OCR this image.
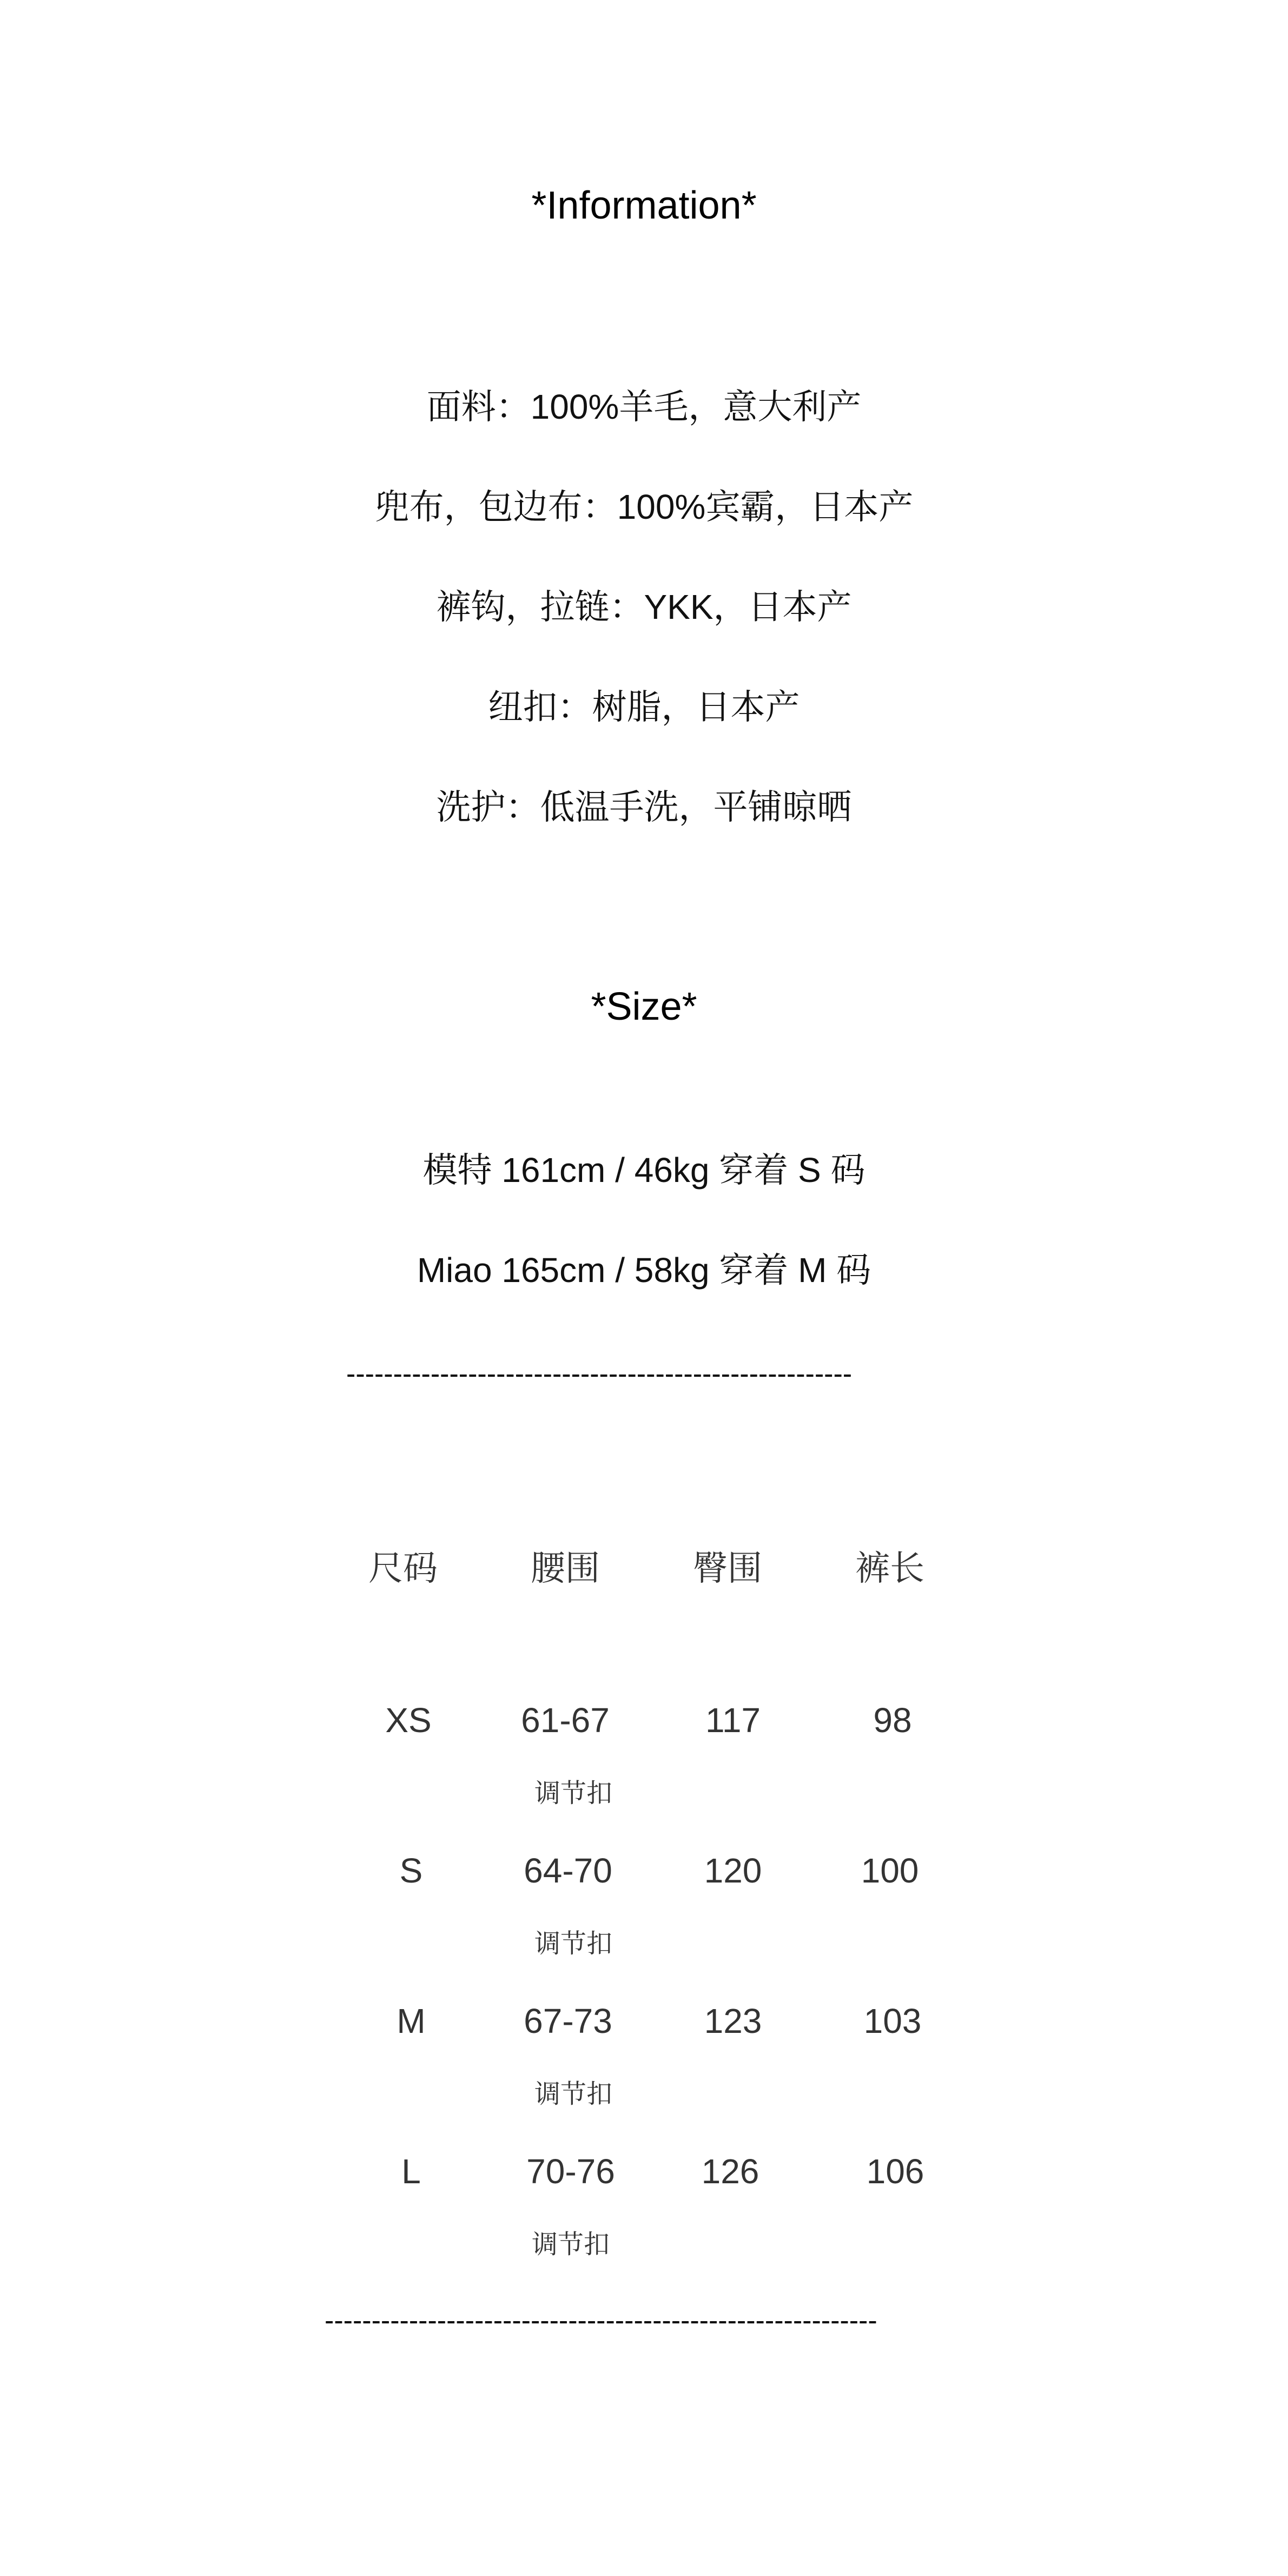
*Information*
面料：100%羊毛，意大利产
兜布，包边布：100%宾霸，日本产
裤钩，拉链：YKK，日本产
纽扣：树脂，日本产
洗护：低温手洗，平铺晾晒
*Size*
模特 161cm / 46kg 穿着 S 码
Miao 165cm / 58kg 穿着 M 码
------------------------------------------------------
尺码	腰围	臀围	裤长
XS	61-67	117	98
调节扣
S	64-70	120	100
调节扣
M	67-73	123	103
调节扣
L	70-76	126	106
调节扣
-----------------------------------------------------------
